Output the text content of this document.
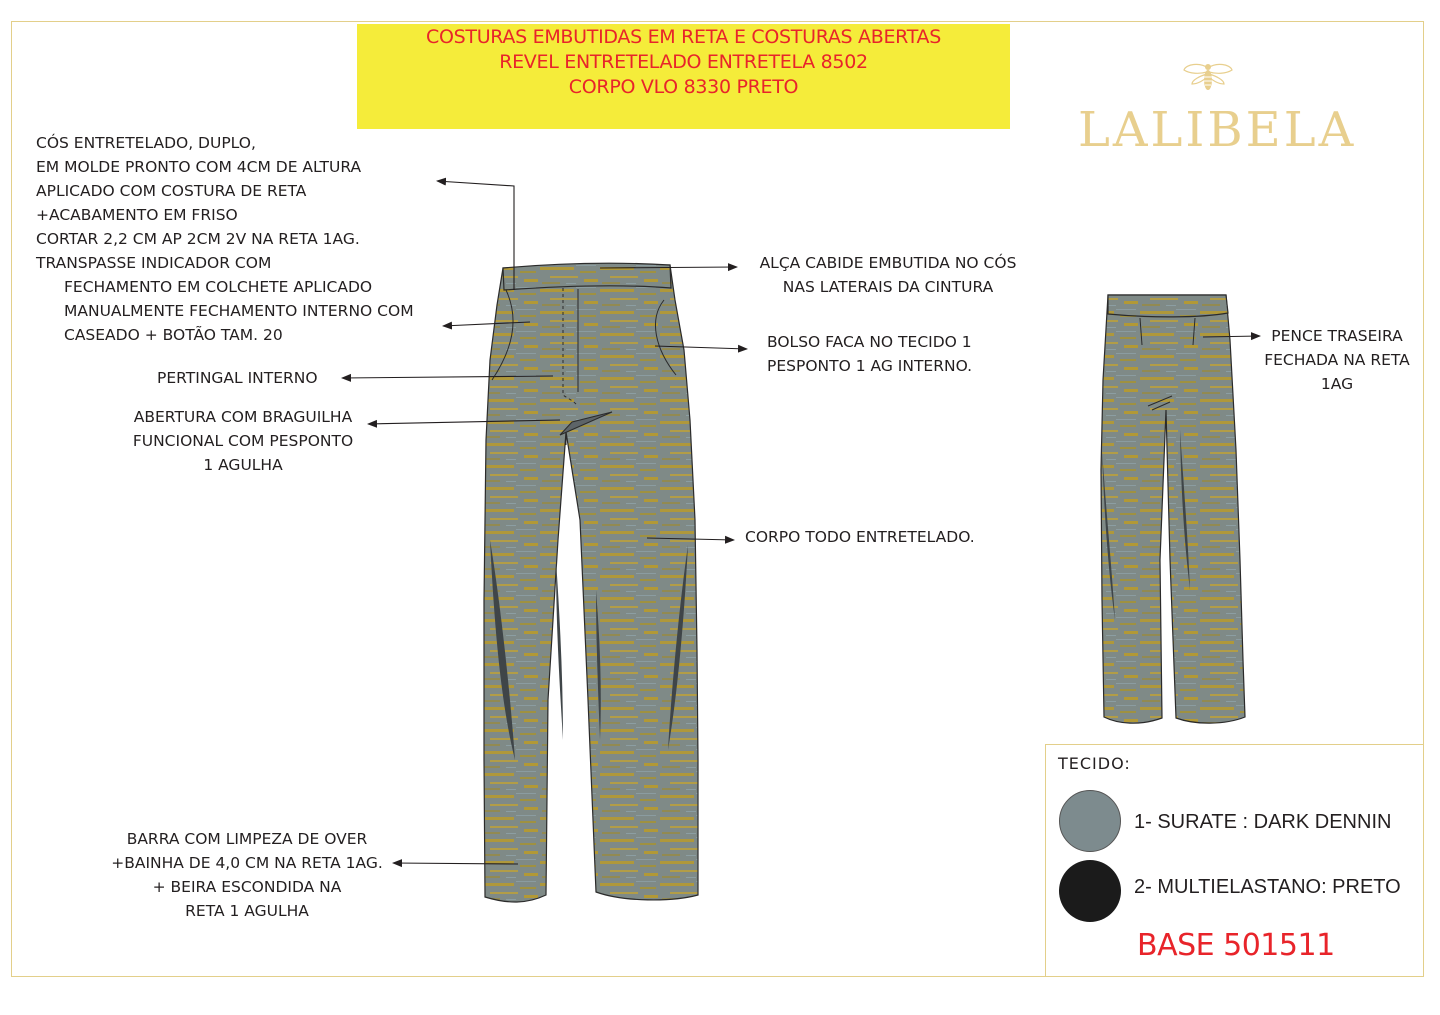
COSTURAS EMBUTIDAS EM RETA E COSTURAS ABERTAS
REVEL ENTRETELADO ENTRETELA 8502
CORPO VLO 8330 PRETO
LALIBELA
CÓS ENTRETELADO, DUPLO,
EM MOLDE PRONTO COM 4CM DE ALTURA
APLICADO COM COSTURA DE RETA
+ACABAMENTO EM FRISO
CORTAR 2,2 CM AP 2CM 2V NA RETA 1AG.
TRANSPASSE INDICADOR COM
FECHAMENTO EM COLCHETE APLICADO
MANUALMENTE FECHAMENTO INTERNO COM
CASEADO + BOTÃO TAM. 20
PERTINGAL INTERNO
ABERTURA COM BRAGUILHA
FUNCIONAL COM PESPONTO
1 AGULHA
BARRA COM LIMPEZA DE OVER
+BAINHA DE 4,0 CM NA RETA 1AG.
+ BEIRA ESCONDIDA NA
RETA 1 AGULHA
ALÇA CABIDE EMBUTIDA NO CÓS
NAS LATERAIS DA CINTURA
BOLSO FACA NO TECIDO 1
PESPONTO 1 AG INTERNO.
CORPO TODO ENTRETELADO.
PENCE TRASEIRA
FECHADA NA RETA
1AG
TECIDO:
1- SURATE : DARK DENNIN
2- MULTIELASTANO: PRETO
BASE 501511
